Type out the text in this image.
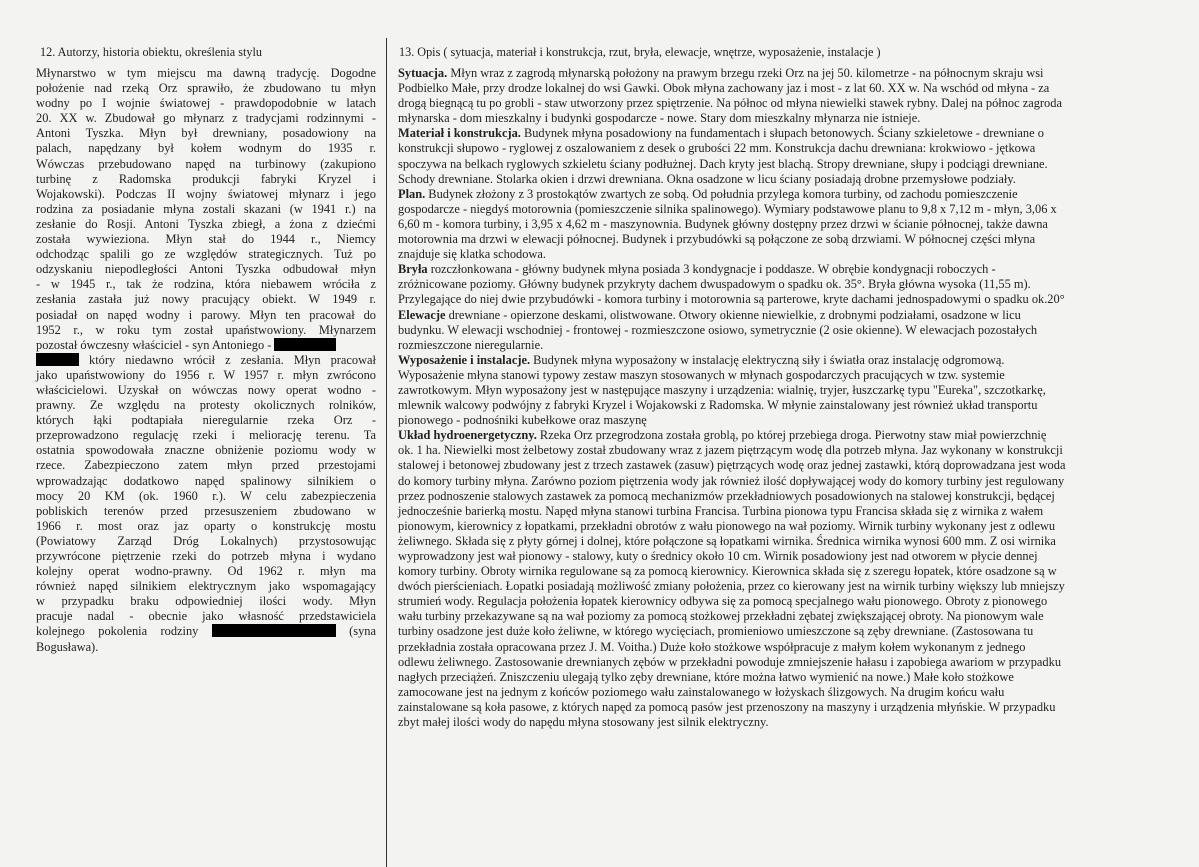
12. Autorzy, historia obiektu, określenia stylu	13. Opis ( sytuacja, materiał i konstrukcja, rzut, bryła, elewacje, wnętrze, wyposażenie, instalacje )
Młynarstwo w tym miejscu ma dawną tradycję. Dogodne
położenie nad rzeką Orz sprawiło, że zbudowano tu młyn
wodny po I wojnie światowej - prawdopodobnie w latach
20. XX w. Zbudował go młynarz z tradycjami rodzinnymi -
Antoni Tyszka. Młyn był drewniany, posadowiony na
palach, napędzany był kołem wodnym do 1935 r.
Wówczas przebudowano napęd na turbinowy (zakupiono
turbinę z Radomska produkcji fabryki Kryzel i
Wojakowski). Podczas II wojny światowej młynarz i jego
rodzina za posiadanie młyna zostali skazani (w 1941 r.) na
zesłanie do Rosji. Antoni Tyszka zbiegł, a żona z dziećmi
została wywieziona. Młyn stał do 1944 r., Niemcy
odchodząc spalili go ze względów strategicznych. Tuż po
odzyskaniu niepodległości Antoni Tyszka odbudował młyn
- w 1945 r., tak że rodzina, która niebawem wróciła z
zesłania zastała już nowy pracujący obiekt. W 1949 r.
posiadał on napęd wodny i parowy. Młyn ten pracował do
1952 r., w roku tym został upaństwowiony. Młynarzem
pozostał ówczesny właściciel - syn Antoniego -
który niedawno wrócił z zesłania. Młyn pracował
jako upaństwowiony do 1956 r. W 1957 r. młyn zwrócono
właścicielowi. Uzyskał on wówczas nowy operat wodno -
prawny. Ze względu na protesty okolicznych rolników,
których łąki podtapiała nieregularnie rzeka Orz -
przeprowadzono regulację rzeki i meliorację terenu. Ta
ostatnia spowodowała znaczne obniżenie poziomu wody w
rzece. Zabezpieczono zatem młyn przed przestojami
wprowadzając dodatkowo napęd spalinowy silnikiem o
mocy 20 KM (ok. 1960 r.). W celu zabezpieczenia
pobliskich terenów przed przesuszeniem zbudowano w
1966 r. most oraz jaz oparty o konstrukcję mostu
(Powiatowy Zarząd Dróg Lokalnych) przystosowując
przywrócone piętrzenie rzeki do potrzeb młyna i wydano
kolejny operat wodno-prawny. Od 1962 r. młyn ma
również napęd silnikiem elektrycznym jako wspomagający
w przypadku braku odpowiedniej ilości wody. Młyn
pracuje nadal - obecnie jako własność przedstawiciela
kolejnego pokolenia rodziny	(syna
Bogusława).
Sytuacja. Młyn wraz z zagrodą młynarską położony na prawym brzegu rzeki Orz na jej 50. kilometrze - na północnym skraju wsi
Podbielko Małe, przy drodze lokalnej do wsi Gawki. Obok młyna zachowany jaz i most - z lat 60. XX w. Na wschód od młyna - za
drogą biegnącą tu po grobli - staw utworzony przez spiętrzenie. Na północ od młyna niewielki stawek rybny. Dalej na północ zagroda
młynarska - dom mieszkalny i budynki gospodarcze - nowe. Stary dom mieszkalny młynarza nie istnieje.
Materiał i konstrukcja. Budynek młyna posadowiony na fundamentach i słupach betonowych. Ściany szkieletowe - drewniane o
konstrukcji słupowo - ryglowej z oszalowaniem z desek o grubości 22 mm. Konstrukcja dachu drewniana: krokwiowo - jętkowa
spoczywa na belkach ryglowych szkieletu ściany podłużnej. Dach kryty jest blachą. Stropy drewniane, słupy i podciągi drewniane.
Schody drewniane. Stolarka okien i drzwi drewniana. Okna osadzone w licu ściany posiadają drobne przemysłowe podziały.
Plan. Budynek złożony z 3 prostokątów zwartych ze sobą. Od południa przylega komora turbiny, od zachodu pomieszczenie
gospodarcze - niegdyś motorownia (pomieszczenie silnika spalinowego). Wymiary podstawowe planu to 9,8 x 7,12 m - młyn, 3,06 x
6,60 m - komora turbiny, i 3,95 x 4,62 m - maszynownia. Budynek główny dostępny przez drzwi w ścianie północnej, także dawna
motorownia ma drzwi w elewacji północnej. Budynek i przybudówki są połączone ze sobą drzwiami. W północnej części młyna
znajduje się klatka schodowa.
Bryła rozczłonkowana - główny budynek młyna posiada 3 kondygnacje i poddasze. W obrębie kondygnacji roboczych -
zróżnicowane poziomy. Główny budynek przykryty dachem dwuspadowym o spadku ok. 35°. Bryła główna wysoka (11,55 m).
Przylegające do niej dwie przybudówki - komora turbiny i motorownia są parterowe, kryte dachami jednospadowymi o spadku ok.20°
Elewacje drewniane - opierzone deskami, olistwowane. Otwory okienne niewielkie, z drobnymi podziałami, osadzone w licu
budynku. W elewacji wschodniej - frontowej - rozmieszczone osiowo, symetrycznie (2 osie okienne). W elewacjach pozostałych
rozmieszczone nieregularnie.
Wyposażenie i instalacje. Budynek młyna wyposażony w instalację elektryczną siły i światła oraz instalację odgromową.
Wyposażenie młyna stanowi typowy zestaw maszyn stosowanych w młynach gospodarczych pracujących w tzw. systemie
zawrotkowym. Młyn wyposażony jest w następujące maszyny i urządzenia: wialnię, tryjer, łuszczarkę typu "Eureka", szczotkarkę,
mlewnik walcowy podwójny z fabryki Kryzel i Wojakowski z Radomska. W młynie zainstalowany jest również układ transportu
pionowego - podnośniki kubełkowe oraz maszynę
Układ hydroenergetyczny. Rzeka Orz przegrodzona została groblą, po której przebiega droga. Pierwotny staw miał powierzchnię
ok. 1 ha. Niewielki most żelbetowy został zbudowany wraz z jazem piętrzącym wodę dla potrzeb młyna. Jaz wykonany w konstrukcji
stalowej i betonowej zbudowany jest z trzech zastawek (zasuw) piętrzących wodę oraz jednej zastawki, którą doprowadzana jest woda
do komory turbiny młyna. Zarówno poziom piętrzenia wody jak również ilość dopływającej wody do komory turbiny jest regulowany
przez podnoszenie stalowych zastawek za pomocą mechanizmów przekładniowych posadowionych na stalowej konstrukcji, będącej
jednocześnie barierką mostu. Napęd młyna stanowi turbina Francisa. Turbina pionowa typu Francisa składa się z wirnika z wałem
pionowym, kierownicy z łopatkami, przekładni obrotów z wału pionowego na wał poziomy. Wirnik turbiny wykonany jest z odlewu
żeliwnego. Składa się z płyty górnej i dolnej, które połączone są łopatkami wirnika. Średnica wirnika wynosi 600 mm. Z osi wirnika
wyprowadzony jest wał pionowy - stalowy, kuty o średnicy około 10 cm. Wirnik posadowiony jest nad otworem w płycie dennej
komory turbiny. Obroty wirnika regulowane są za pomocą kierownicy. Kierownica składa się z szeregu łopatek, które osadzone są w
dwóch pierścieniach. Łopatki posiadają możliwość zmiany położenia, przez co kierowany jest na wirnik turbiny większy lub mniejszy
strumień wody. Regulacja położenia łopatek kierownicy odbywa się za pomocą specjalnego wału pionowego. Obroty z pionowego
wału turbiny przekazywane są na wał poziomy za pomocą stożkowej przekładni zębatej zwiększającej obroty. Na pionowym wale
turbiny osadzone jest duże koło żeliwne, w którego wycięciach, promieniowo umieszczone są zęby drewniane. (Zastosowana tu
przekładnia została opracowana przez J. M. Voitha.) Duże koło stożkowe współpracuje z małym kołem wykonanym z jednego
odlewu żeliwnego. Zastosowanie drewnianych zębów w przekładni powoduje zmniejszenie hałasu i zapobiega awariom w przypadku
nagłych przeciążeń. Zniszczeniu ulegają tylko zęby drewniane, które można łatwo wymienić na nowe.) Małe koło stożkowe
zamocowane jest na jednym z końców poziomego wału zainstalowanego w łożyskach ślizgowych. Na drugim końcu wału
zainstalowane są koła pasowe, z których napęd za pomocą pasów jest przenoszony na maszyny i urządzenia młyńskie. W przypadku
zbyt małej ilości wody do napędu młyna stosowany jest silnik elektryczny.
